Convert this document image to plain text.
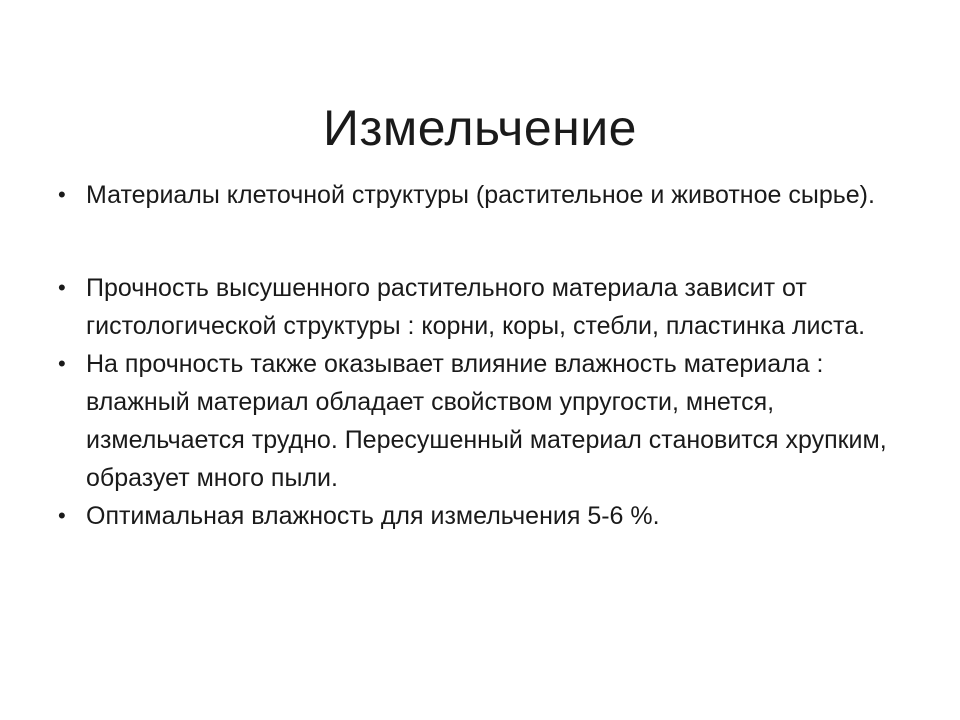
Измельчение
• Материалы клеточной структуры (растительное и животное сырье).
• Прочность высушенного растительного материала зависит от гистологической структуры : корни, коры, стебли, пластинка листа.
• На прочность также оказывает влияние влажность материала : влажный материал обладает свойством упругости, мнется, измельчается трудно. Пересушенный материал становится хрупким, образует много пыли.
• Оптимальная влажность для измельчения 5-6 %.
